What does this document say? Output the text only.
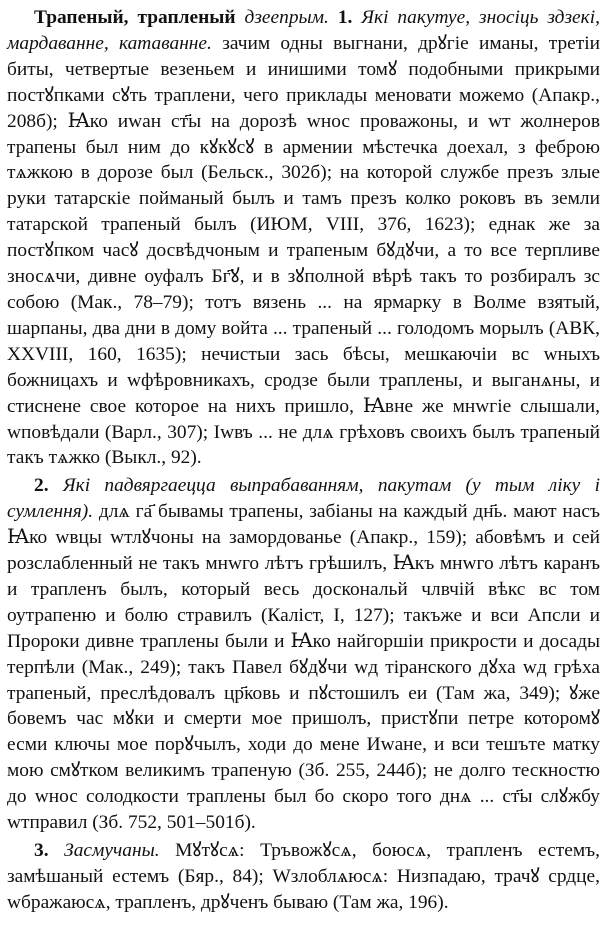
Трапеный, трапленый дзеепрым. 1. Які пакутуе, зносіць здзекі, мардаванне, катаванне. зачим одны выгнани, дрꙋгіе иманы, третіи биты, четвертые везеньем и инишими томꙋ подобными прикрыми постꙋпками сꙋть траплени, чего приклады меновати можемо (Апакр., 208б); Ꙗко иwан ст҃ы на дорозѣ wнос проважоны, и wт жолнеров трапены был ним до кꙋкꙋсꙋ в армении мѣстечка доехал, з феброю тѧжкою в дорозе был (Бельск., 302б); на которой службе презъ злые руки татарскіе пойманый былъ и тамъ презъ колко роковъ въ земли татарской трапеный былъ (ИЮМ, VIII, 376, 1623); еднак же за постꙋпком часꙋ досвѣдчоным и трапеным бꙋдꙋчи, а то все терпливе зносѧчи, дивне оуфалъ Бг҃ꙋ, и в зꙋполной вѣрѣ такъ то розбиралъ зс собою (Мак., 78–79); тотъ вязень ... на ярмарку в Волме взятый, шарпаны, два дни в дому войта ... трапеный ... голодомъ морылъ (АВК, XXVIII, 160, 1635); нечистыи зась бѣсы, мешкаючіи вс wныхъ божницахъ и wфѣровникахъ, сродзе были траплены, и выганѧны, и стиснене свое которое на нихъ пришло, Ꙗвне же мнwгіе слышали, wповѣдали (Варл., 307); Iwвъ ... не длѧ грѣховъ своихъ былъ трапеный такъ тѧжко (Выкл., 92).

2. Які падвяргаецца выпрабаванням, пакутам (у тым ліку і сумлення). длѧ га҃ бывамы трапены, забіаны на каждый дн҃ь. мают насъ Ꙗко wвцы wтлꙋчоны на замордованье (Апакр., 159); абовѣмъ и сей розслабленный не такъ мнwго лѣтъ грѣшилъ, Ꙗкъ мнwго лѣтъ каранъ и трапленъ былъ, который весь доскональй члвчій вѣкс вс том оутрапеню и болю стравилъ (Каліст, I, 127); такъже и вси Апсли и Пророки дивне траплены были и Ꙗко найгоршіи прикрости и досады терпѣли (Мак., 249); такъ Павел бꙋдꙋчи wд тіранского дꙋха wд грѣха трапеный, преслѣдовалъ цр҃ковь и пꙋстошилъ еи (Там жа, 349); ꙋже бовемъ час мꙋки и смерти мое пришолъ, пристꙋпи петре которомꙋ есми ключы мое порꙋчылъ, ходи до мене Иwане, и вси тешъте матку мою смꙋтком великимъ трапеную (Зб. 255, 244б); не долго тескностю до wнос солодкости траплены был бо скоро того днѧ ... ст҃ы слꙋжбу wтправил (Зб. 752, 501–501б).

3. Засмучаны. Мꙋтꙋсѧ: Тръвожꙋсѧ, боюсѧ, трапленъ естемъ, замѣшаный естемъ (Бяр., 84); Wзлоблѧюсѧ: Низпадаю, трачꙋ срдце, wбражаюсѧ, трапленъ, дрꙋченъ бываю (Там жа, 196).
